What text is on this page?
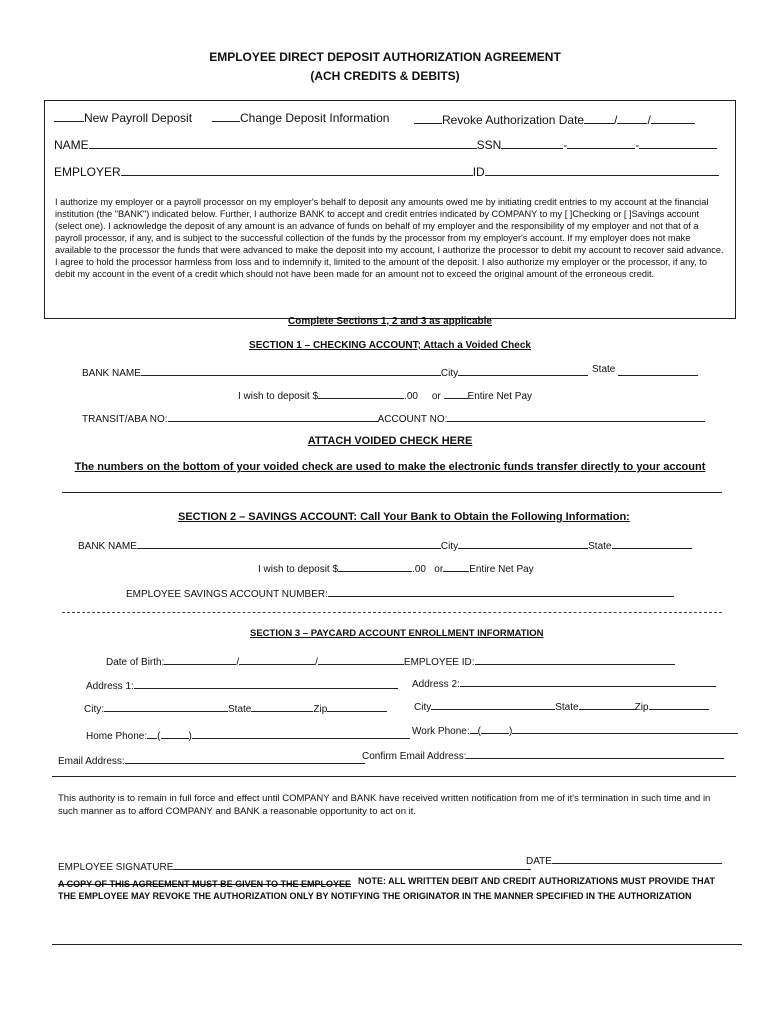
EMPLOYEE DIRECT DEPOSIT AUTHORIZATION AGREEMENT
(ACH CREDITS & DEBITS)
New Payroll Deposit	Change Deposit Information	Revoke Authorization Date	/	/
NAME	SSN	-	-
EMPLOYER	ID
I authorize my employer or a payroll processor on my employer's behalf to deposit any amounts owed me by initiating credit entries to my account at the financial institution (the "BANK") indicated below. Further, I authorize BANK to accept and credit entries indicated by COMPANY to my [ ]Checking or [ ]Savings account (select one). I acknowledge the deposit of any amount is an advance of funds on behalf of my employer and the responsibility of my employer and not that of a payroll processor, if any, and is subject to the successful collection of the funds by the processor from my employer's account. If my employer does not make available to the processor the funds that were advanced to make the deposit into my account, I authorize the processor to debit my account to recover said advance. I agree to hold the processor harmless from loss and to indemnify it, limited to the amount of the deposit. I also authorize my employer or the processor, if any, to debit my account in the event of a credit which should not have been made for an amount not to exceed the original amount of the erroneous credit.
Complete Sections 1, 2 and 3 as applicable
SECTION 1 – CHECKING ACCOUNT; Attach a Voided Check
BANK NAME	City	State
I wish to deposit $	.00 or	Entire Net Pay
TRANSIT/ABA NO:	ACCOUNT NO:
ATTACH VOIDED CHECK HERE
The numbers on the bottom of your voided check are used to make the electronic funds transfer directly to your account
SECTION 2 – SAVINGS ACCOUNT: Call Your Bank to Obtain the Following Information:
BANK NAME	City	State
I wish to deposit $	.00 or	Entire Net Pay
EMPLOYEE SAVINGS ACCOUNT NUMBER:
SECTION 3 – PAYCARD ACCOUNT ENROLLMENT INFORMATION
Date of Birth:	/	/	EMPLOYEE ID:
Address 1:	Address 2:
City:	State	Zip	City	State	Zip
Home Phone: (	)	Work Phone: (	)
Email Address:	Confirm Email Address:
This authority is to remain in full force and effect until COMPANY and BANK have received written notification from me of it's termination in such time and in such manner as to afford COMPANY and BANK a reasonable opportunity to act on it.
EMPLOYEE SIGNATURE
DATE
A COPY OF THIS AGREEMENT MUST BE GIVEN TO THE EMPLOYEE NOTE: ALL WRITTEN DEBIT AND CREDIT AUTHORIZATIONS MUST PROVIDE THAT
THE EMPLOYEE MAY REVOKE THE AUTHORIZATION ONLY BY NOTIFYING THE ORIGINATOR IN THE MANNER SPECIFIED IN THE AUTHORIZATION
